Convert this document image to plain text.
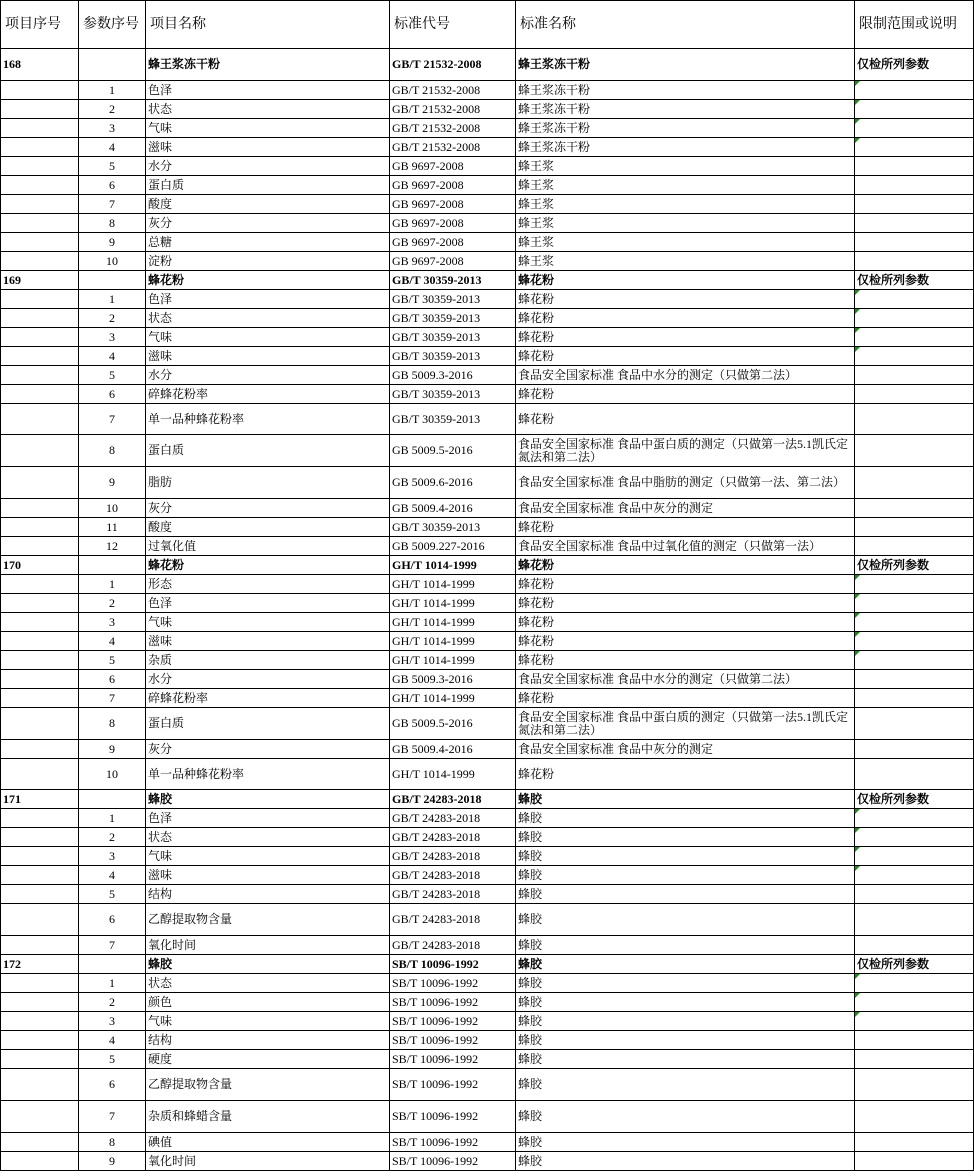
项目序号	参数序号	项目名称	标准代号	标准名称	限制范围或说明
168		蜂王浆冻干粉	GB/T 21532-2008	蜂王浆冻干粉	仅检所列参数
	1	色泽	GB/T 21532-2008	蜂王浆冻干粉	
	2	状态	GB/T 21532-2008	蜂王浆冻干粉	
	3	气味	GB/T 21532-2008	蜂王浆冻干粉	
	4	滋味	GB/T 21532-2008	蜂王浆冻干粉	
	5	水分	GB 9697-2008	蜂王浆	
	6	蛋白质	GB 9697-2008	蜂王浆	
	7	酸度	GB 9697-2008	蜂王浆	
	8	灰分	GB 9697-2008	蜂王浆	
	9	总糖	GB 9697-2008	蜂王浆	
	10	淀粉	GB 9697-2008	蜂王浆	
169		蜂花粉	GB/T 30359-2013	蜂花粉	仅检所列参数
	1	色泽	GB/T 30359-2013	蜂花粉	
	2	状态	GB/T 30359-2013	蜂花粉	
	3	气味	GB/T 30359-2013	蜂花粉	
	4	滋味	GB/T 30359-2013	蜂花粉	
	5	水分	GB 5009.3-2016	食品安全国家标准 食品中水分的测定（只做第二法）	
	6	碎蜂花粉率	GB/T 30359-2013	蜂花粉	
	7	单一品种蜂花粉率	GB/T 30359-2013	蜂花粉	
	8	蛋白质	GB 5009.5-2016	食品安全国家标准 食品中蛋白质的测定（只做第一法5.1凯氏定氮法和第二法）	
	9	脂肪	GB 5009.6-2016	食品安全国家标准 食品中脂肪的测定（只做第一法、第二法）	
	10	灰分	GB 5009.4-2016	食品安全国家标准 食品中灰分的测定	
	11	酸度	GB/T 30359-2013	蜂花粉	
	12	过氧化值	GB 5009.227-2016	食品安全国家标准 食品中过氧化值的测定（只做第一法）	
170		蜂花粉	GH/T 1014-1999	蜂花粉	仅检所列参数
	1	形态	GH/T 1014-1999	蜂花粉	
	2	色泽	GH/T 1014-1999	蜂花粉	
	3	气味	GH/T 1014-1999	蜂花粉	
	4	滋味	GH/T 1014-1999	蜂花粉	
	5	杂质	GH/T 1014-1999	蜂花粉	
	6	水分	GB 5009.3-2016	食品安全国家标准 食品中水分的测定（只做第二法）	
	7	碎蜂花粉率	GH/T 1014-1999	蜂花粉	
	8	蛋白质	GB 5009.5-2016	食品安全国家标准 食品中蛋白质的测定（只做第一法5.1凯氏定氮法和第二法）	
	9	灰分	GB 5009.4-2016	食品安全国家标准 食品中灰分的测定	
	10	单一品种蜂花粉率	GH/T 1014-1999	蜂花粉	
171		蜂胶	GB/T 24283-2018	蜂胶	仅检所列参数
	1	色泽	GB/T 24283-2018	蜂胶	
	2	状态	GB/T 24283-2018	蜂胶	
	3	气味	GB/T 24283-2018	蜂胶	
	4	滋味	GB/T 24283-2018	蜂胶	
	5	结构	GB/T 24283-2018	蜂胶	
	6	乙醇提取物含量	GB/T 24283-2018	蜂胶	
	7	氧化时间	GB/T 24283-2018	蜂胶	
172		蜂胶	SB/T 10096-1992	蜂胶	仅检所列参数
	1	状态	SB/T 10096-1992	蜂胶	
	2	颜色	SB/T 10096-1992	蜂胶	
	3	气味	SB/T 10096-1992	蜂胶	
	4	结构	SB/T 10096-1992	蜂胶	
	5	硬度	SB/T 10096-1992	蜂胶	
	6	乙醇提取物含量	SB/T 10096-1992	蜂胶	
	7	杂质和蜂蜡含量	SB/T 10096-1992	蜂胶	
	8	碘值	SB/T 10096-1992	蜂胶	
	9	氧化时间	SB/T 10096-1992	蜂胶	
